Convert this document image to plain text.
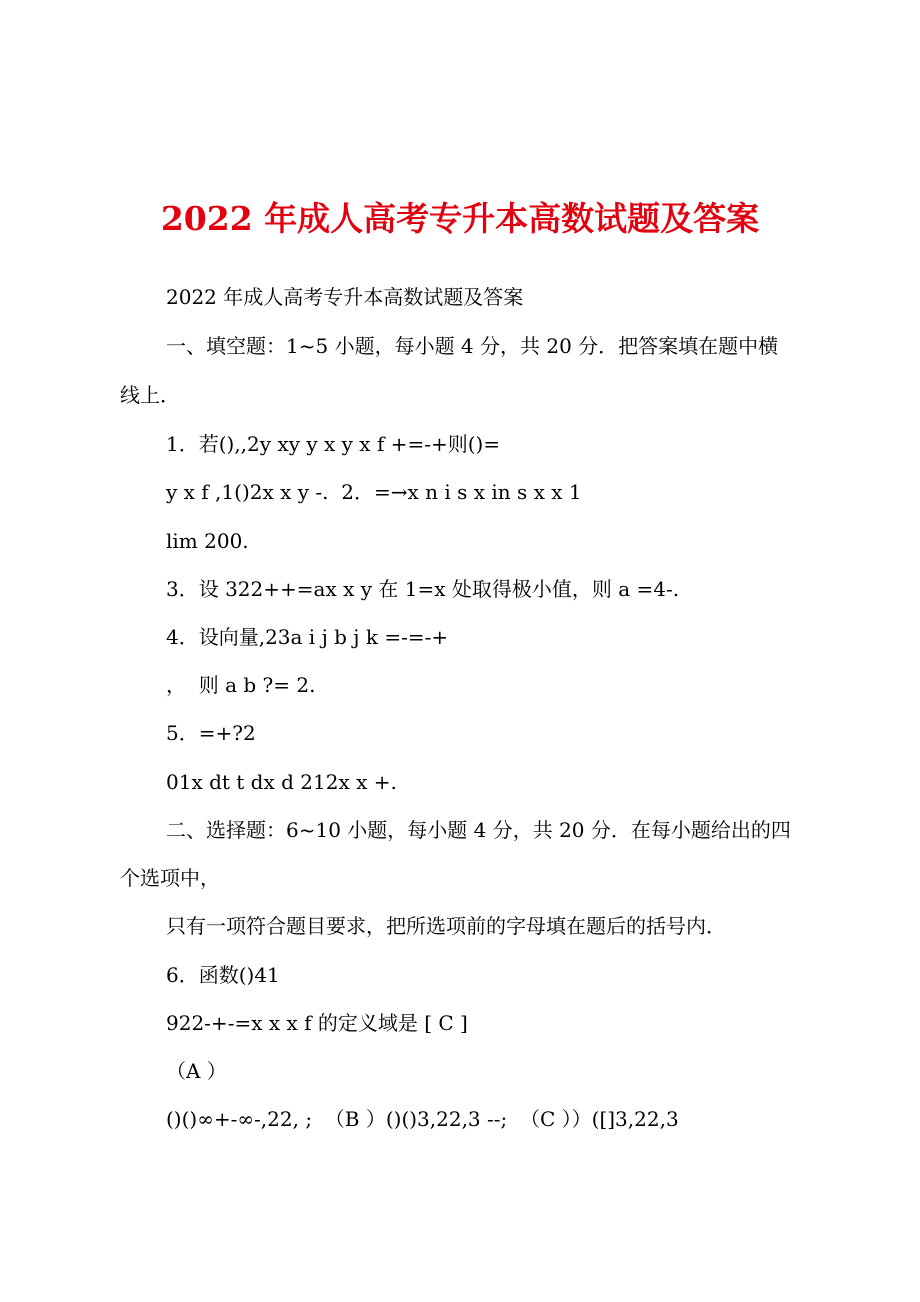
2022 年成人高考专升本高数试题及答案
2022 年成人高考专升本高数试题及答案
一、填空题：1~5 小题，每小题 4 分，共 20 分．把答案填在题中横
线上．
1．若(),,2y xy y x y x f +=-+则()=
y x f ,1()2x x y -.  2．=→x n i s x in s x x 1
lim 200.
3．设 322++=ax x y 在 1=x 处取得极小值，则 a =4-.
4．设向量,23a i j b j k =-=-+
，  则 a b ?= 2.
5．=+?2
01x dt t dx d 212x x +.
二、选择题：6~10 小题，每小题 4 分，共 20 分．在每小题给出的四
个选项中，
只有一项符合题目要求，把所选项前的字母填在题后的括号内．
6．函数()41
922-+-=x x x f 的定义域是 [ C ]
（A ）
()()∞+-∞-,22, ;  （B ）()()3,22,3 --;  （C ））([]3,22,3
